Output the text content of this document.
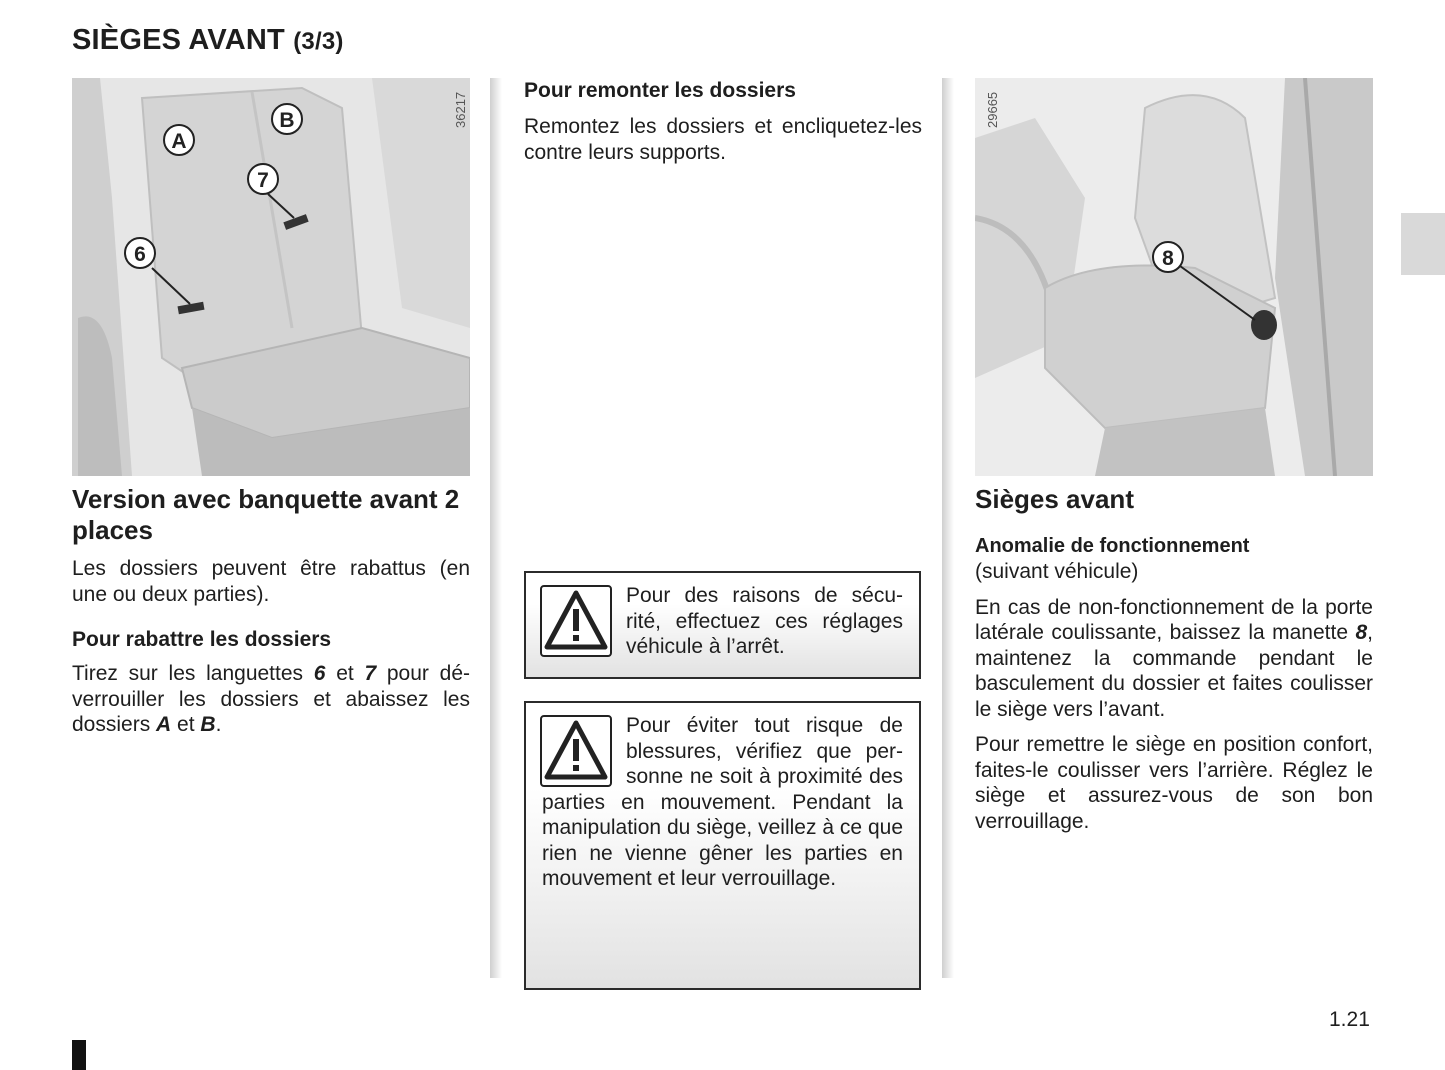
SIÈGES AVANT (3/3)
A
B
7
6
36217
Version avec banquette avant 2 places

Les dossiers peuvent être rabattus (en une ou deux parties).

Pour rabattre les dossiers

Tirez sur les languettes 6 et 7 pour dé-verrouiller les dossiers et abaissez les dossiers A et B.

Pour remonter les dossiers

Remontez les dossiers et encliquetez-les contre leurs supports.

Pour des raisons de sécu-rité, effectuez ces réglages véhicule à l’arrêt.

Pour éviter tout risque de blessures, vérifiez que per-sonne ne soit à proximité des parties en mouvement. Pendant la manipulation du siège, veillez à ce que rien ne vienne gêner les parties en mouvement et leur verrouillage.

8
29665
Sièges avant
Anomalie de fonctionnement

(suivant véhicule)

En cas de non-fonctionnement de la porte latérale coulissante, baissez la manette 8, maintenez la commande pendant le basculement du dossier et faites coulisser le siège vers l’avant.

Pour remettre le siège en position confort, faites-le coulisser vers l’arrière. Réglez le siège et assurez-vous de son bon verrouillage.

1.21
